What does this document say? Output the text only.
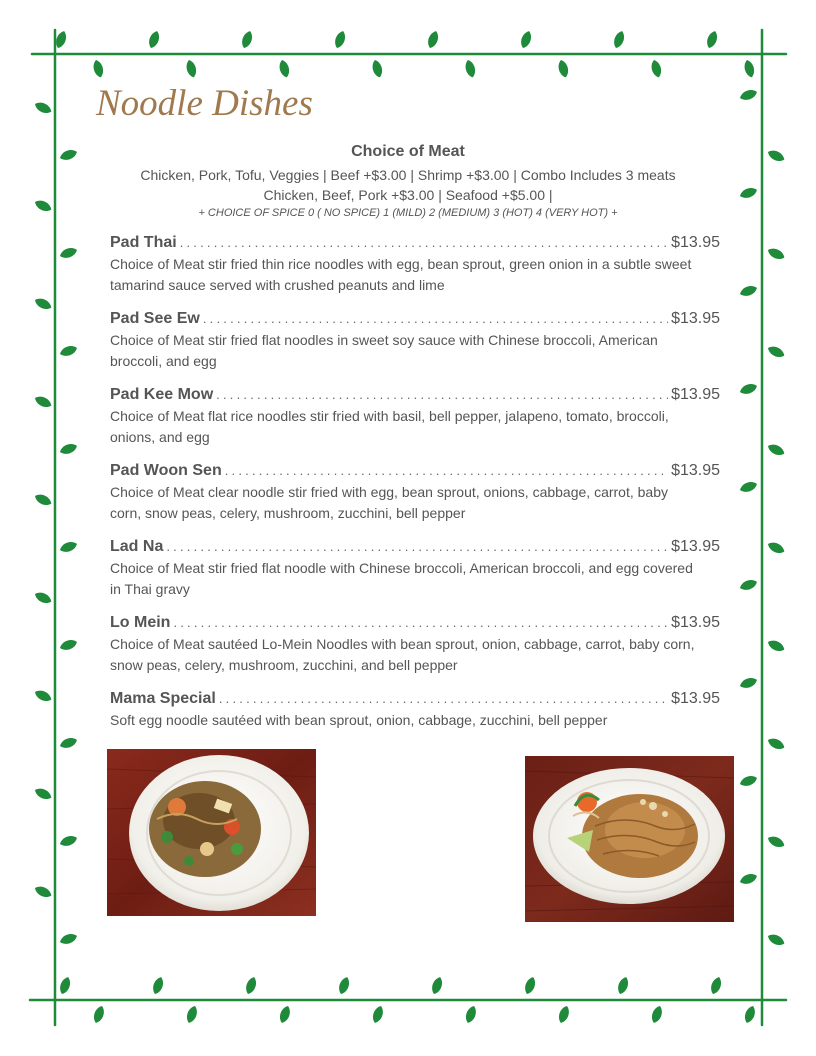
Noodle Dishes
Choice of Meat
Chicken, Pork, Tofu, Veggies | Beef +$3.00 | Shrimp +$3.00 | Combo Includes 3 meats
Chicken, Beef, Pork +$3.00 | Seafood +$5.00 |
+ CHOICE OF SPICE 0 ( NO SPICE) 1 (MILD) 2 (MEDIUM) 3 (HOT) 4 (VERY HOT) +
Pad Thai .....	$13.95
Choice of Meat stir fried thin rice noodles with egg, bean sprout, green onion in a subtle sweet tamarind sauce served with crushed peanuts and lime
Pad See Ew .....	$13.95
Choice of Meat stir fried flat noodles in sweet soy sauce with Chinese broccoli, American broccoli, and egg
Pad Kee Mow .....	$13.95
Choice of Meat flat rice noodles stir fried with basil, bell pepper, jalapeno, tomato, broccoli, onions, and egg
Pad Woon Sen .....	$13.95
Choice of Meat clear noodle stir fried with egg, bean sprout, onions, cabbage, carrot, baby corn, snow peas, celery, mushroom, zucchini, bell pepper
Lad Na .....	$13.95
Choice of Meat stir fried flat noodle with Chinese broccoli, American broccoli, and egg covered in Thai gravy
Lo Mein .....	$13.95
Choice of Meat sautéed Lo-Mein Noodles with bean sprout, onion, cabbage, carrot, baby corn, snow peas, celery, mushroom, zucchini, and bell pepper
Mama Special .....	$13.95
Soft egg noodle sautéed with bean sprout, onion, cabbage, zucchini, bell pepper
